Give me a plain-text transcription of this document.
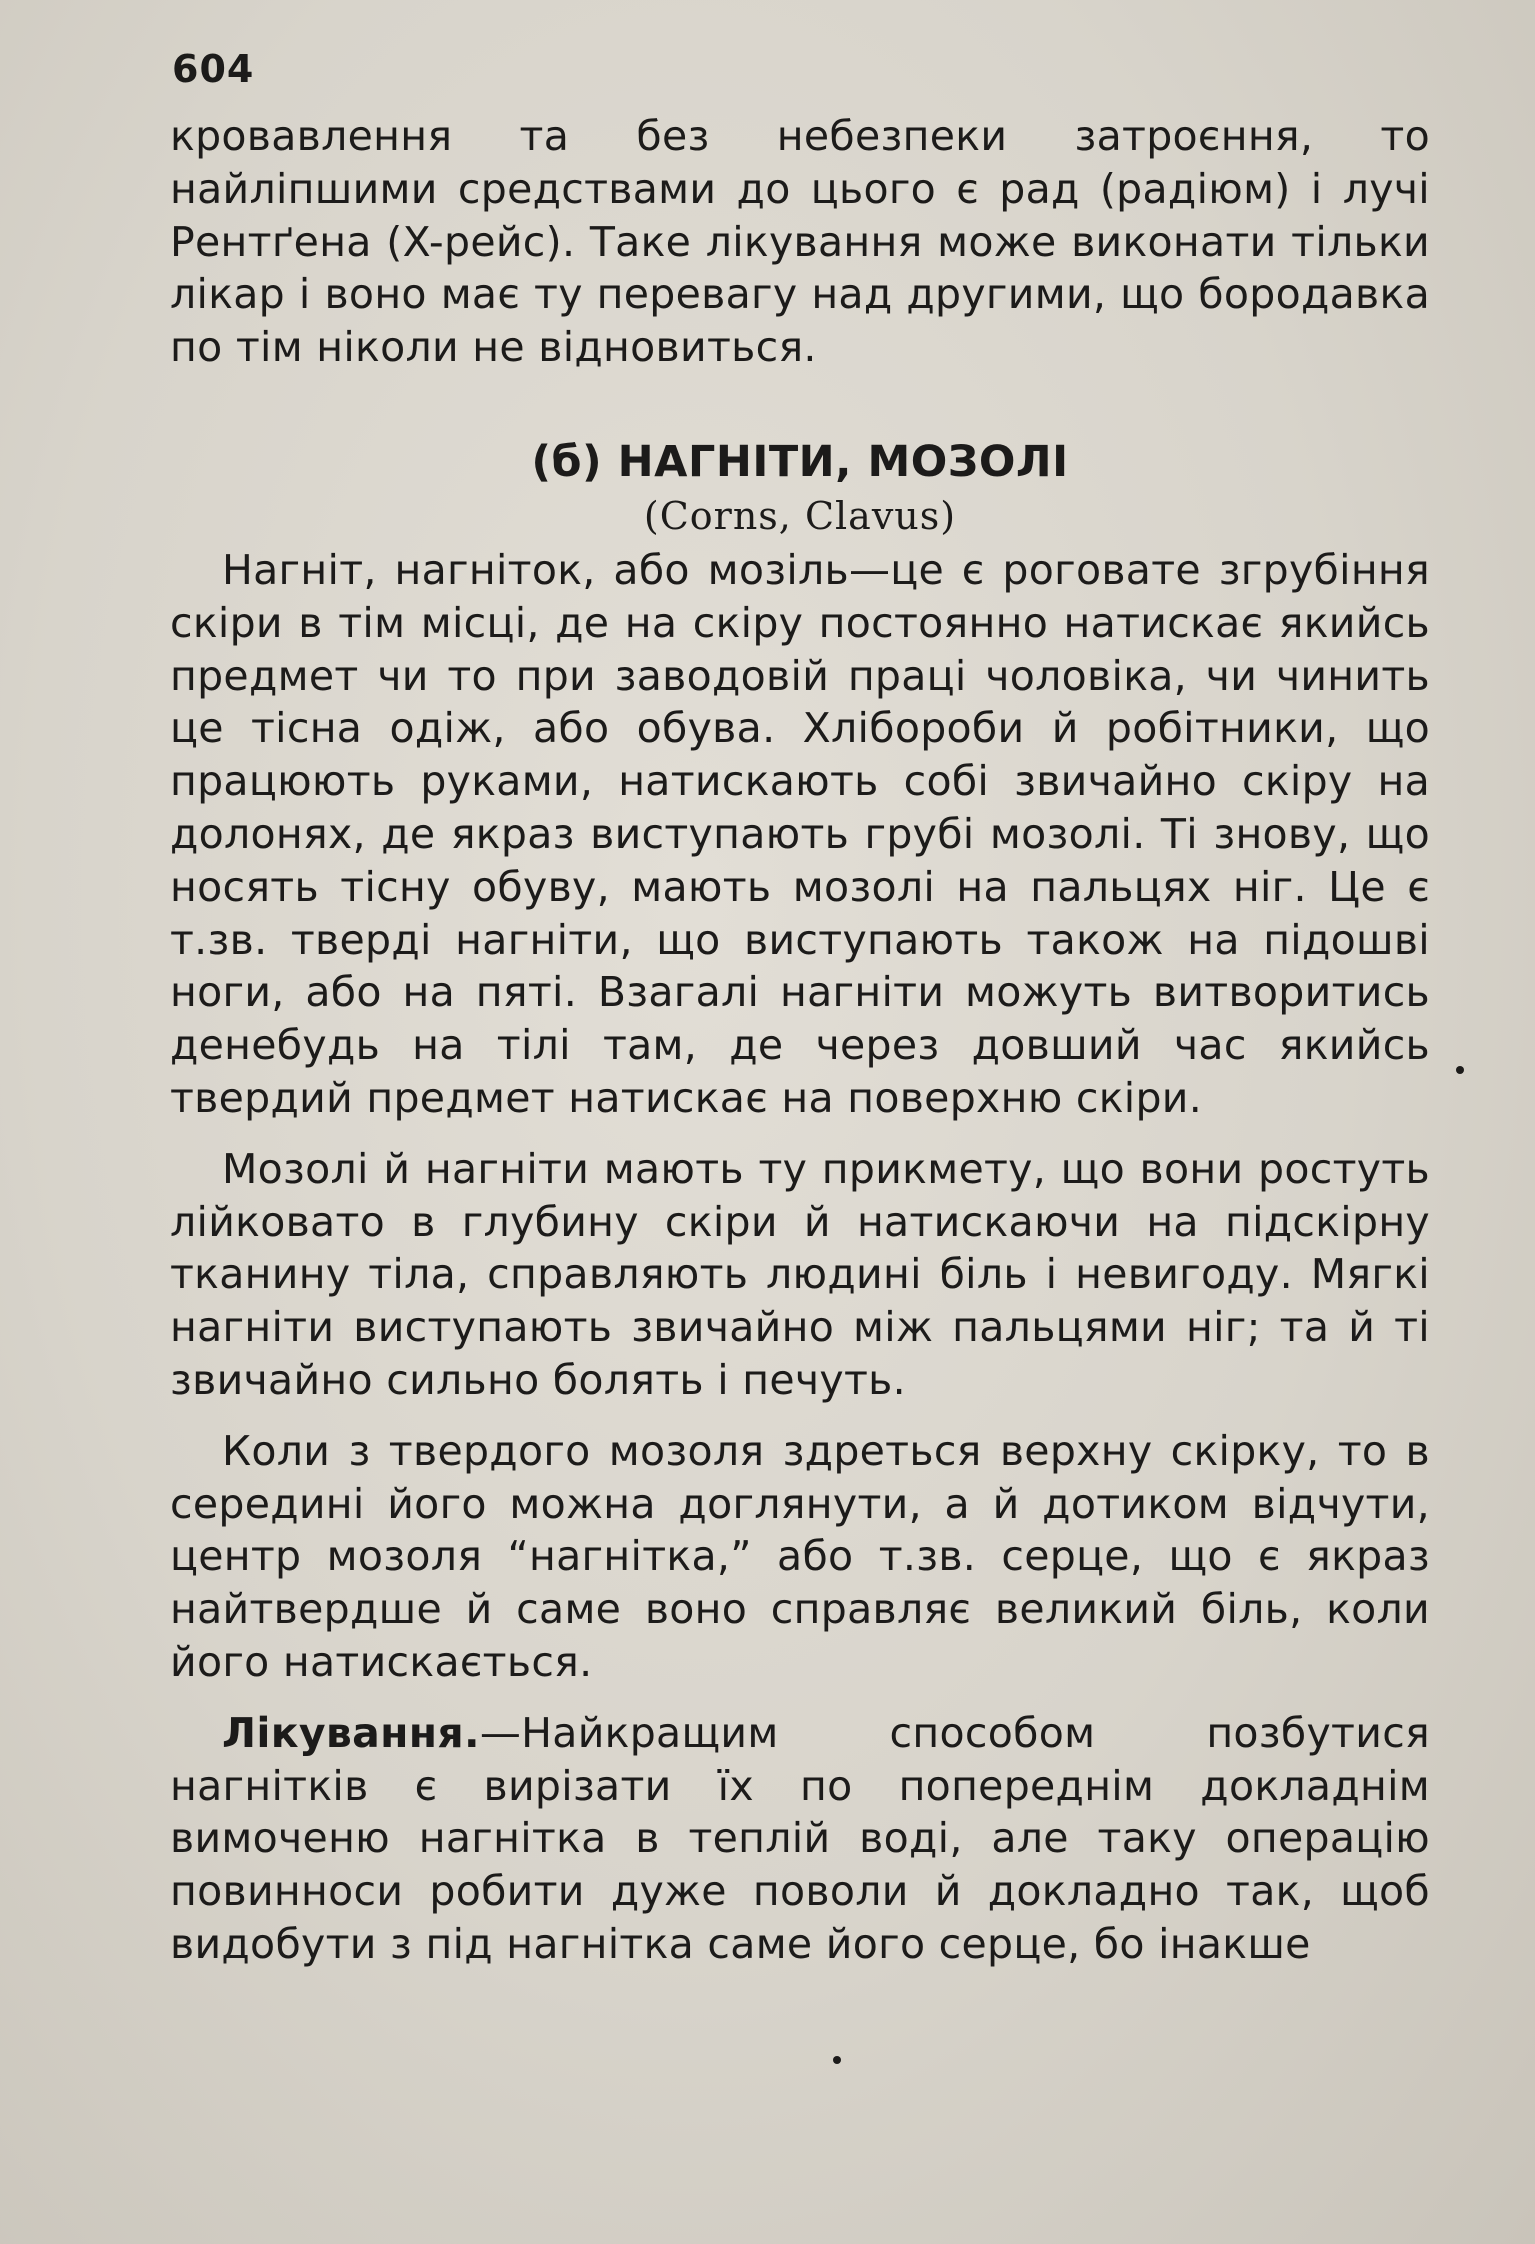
604

кровавлення та без небезпеки затроєння, то найліпшими средствами до цього є рад (радіюм) і лучі Рентґена (X-рейс). Таке лікування може виконати тільки лікар і воно має ту перевагу над другими, що бородавка по тім ніколи не відновиться.

(б) НАГНІТИ, МОЗОЛІ
(Corns, Clavus)

Нагніт, нагніток, або мозіль—це є роговате згрубіння скіри в тім місці, де на скіру постоянно натискає якийсь предмет чи то при заводовій праці чоловіка, чи чинить це тісна одіж, або обува. Хлібороби й робітники, що працюють руками, натискають собі звичайно скіру на долонях, де якраз виступають грубі мозолі. Ті знову, що носять тісну обуву, мають мозолі на пальцях ніг. Це є т.зв. тверді нагніти, що виступають також на підошві ноги, або на пяті. Взагалі нагніти можуть витворитись денебудь на тілі там, де через довший час якийсь твердий предмет натискає на поверхню скіри.

Мозолі й нагніти мають ту прикмету, що вони ростуть лійковато в глубину скіри й натискаючи на підскірну тканину тіла, справляють людині біль і невигоду. Мягкі нагніти виступають звичайно між пальцями ніг; та й ті звичайно сильно болять і печуть.

Коли з твердого мозоля здреться верхну скірку, то в середині його можна доглянути, а й дотиком відчути, центр мозоля “нагнітка,” або т.зв. серце, що є якраз найтвердше й саме воно справляє великий біль, коли його натискається.

Лікування.—Найкращим способом позбутися нагнітків є вирізати їх по попереднім докладнім вимоченю нагнітка в теплій воді, але таку операцію повинноси робити дуже поволи й докладно так, щоб видобути з під нагнітка саме його серце, бо інакше
